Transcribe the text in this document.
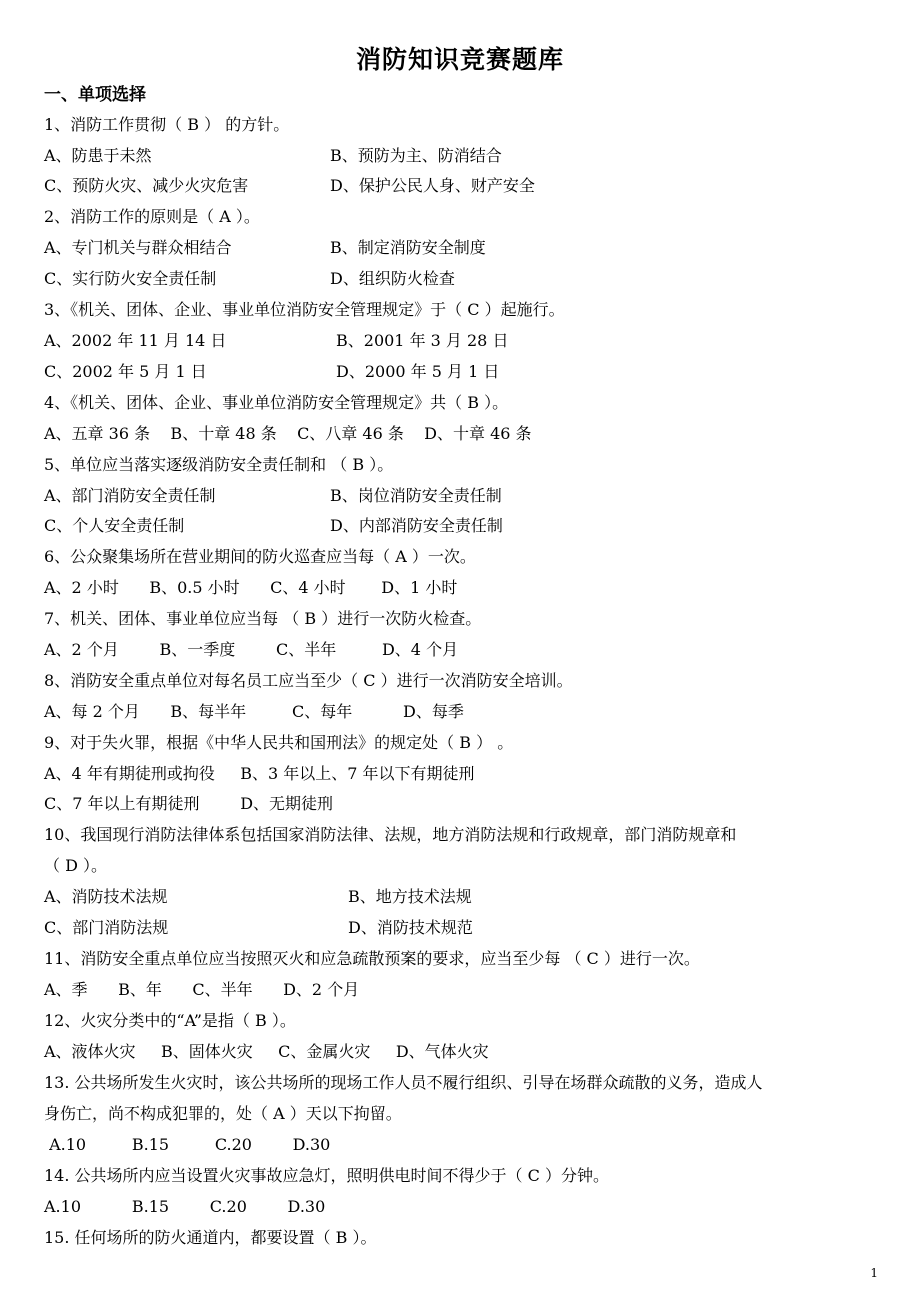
消防知识竞赛题库
一、单项选择
1、消防工作贯彻（ B ） 的方针。
A、防患于未然	B、预防为主、防消结合
C、预防火灾、减少火灾危害	D、保护公民人身、财产安全
2、消防工作的原则是（ A ）。
A、专门机关与群众相结合	B、制定消防安全制度
C、实行防火安全责任制	D、组织防火检查
3、《机关、团体、企业、事业单位消防安全管理规定》于（ C ）起施行。
A、2002 年 11 月 14 日	B、2001 年 3 月 28 日
C、2002 年 5 月 1 日	D、2000 年 5 月 1 日
4、《机关、团体、企业、事业单位消防安全管理规定》共（ B ）。
A、五章 36 条    B、十章 48 条    C、八章 46 条    D、十章 46 条
5、单位应当落实逐级消防安全责任制和 （ B ）。
A、部门消防安全责任制	B、岗位消防安全责任制
C、个人安全责任制	D、内部消防安全责任制
6、公众聚集场所在营业期间的防火巡查应当每（ A ）一次。
A、2 小时      B、0.5 小时      C、4 小时       D、1 小时
7、机关、团体、事业单位应当每 （ B ）进行一次防火检查。
A、2 个月        B、一季度        C、半年         D、4 个月
8、消防安全重点单位对每名员工应当至少（ C ）进行一次消防安全培训。
A、每 2 个月      B、每半年         C、每年          D、每季
9、对于失火罪，根据《中华人民共和国刑法》的规定处（ B ） 。
A、4 年有期徒刑或拘役     B、3 年以上、7 年以下有期徒刑
C、7 年以上有期徒刑        D、无期徒刑
10、我国现行消防法律体系包括国家消防法律、法规，地方消防法规和行政规章，部门消防规章和
（ D ）。
A、消防技术法规	B、地方技术法规
C、部门消防法规	D、消防技术规范
11、消防安全重点单位应当按照灭火和应急疏散预案的要求，应当至少每 （ C ）进行一次。
A、季      B、年      C、半年      D、2 个月
12、火灾分类中的“A”是指（ B ）。
A、液体火灾     B、固体火灾     C、金属火灾     D、气体火灾
13. 公共场所发生火灾时，该公共场所的现场工作人员不履行组织、引导在场群众疏散的义务，造成人
身伤亡，尚不构成犯罪的，处（ A ）天以下拘留。
A.10         B.15         C.20        D.30
14. 公共场所内应当设置火灾事故应急灯，照明供电时间不得少于（ C ）分钟。
A.10          B.15        C.20        D.30
15. 任何场所的防火通道内，都要设置（ B ）。
1
